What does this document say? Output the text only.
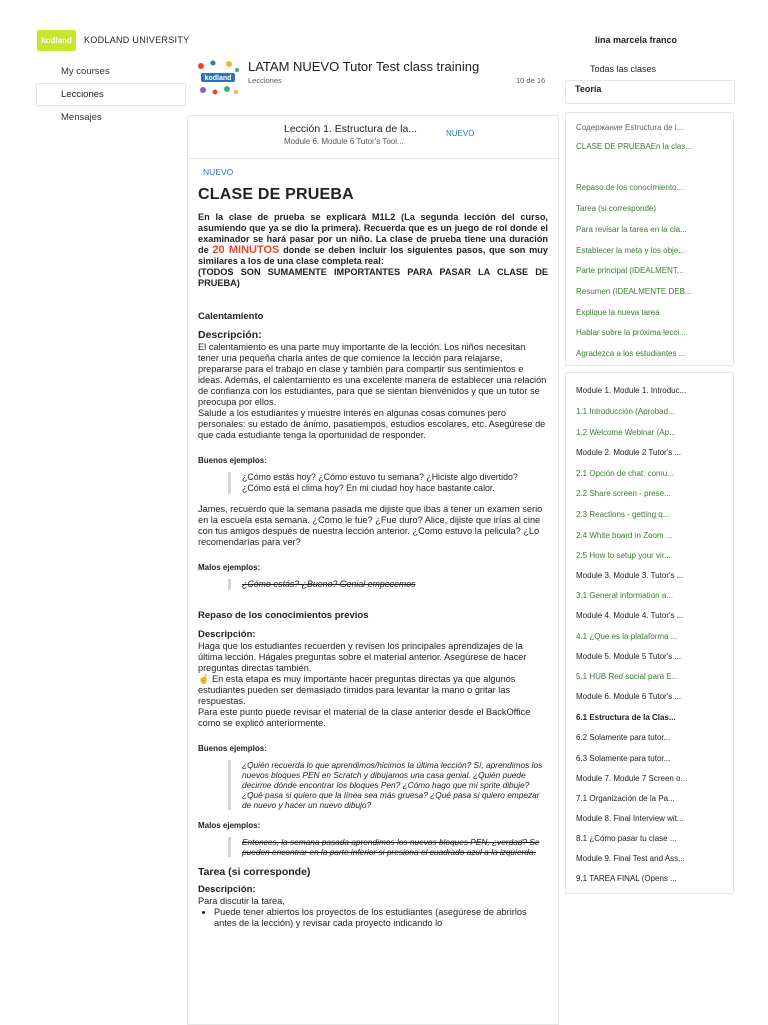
kodland	KODLAND UNIVERSITY	lina marcela franco
My courses
Lecciones
Mensajes
kodland
LATAM NUEVO Tutor Test class training
Lecciones	10 de 16
Todas las clases
Teoría
Lección 1. Estructura de la...
Module 6. Module 6 Tutor's Tool...
NUEVO
NUEVO
CLASE DE PRUEBA
En la clase de prueba se explicará M1L2 (La segunda lección del curso, asumiendo que ya se dio la primera). Recuerda que es un juego de rol donde el examinador se hará pasar por un niño. La clase de prueba tiene una duración de 20 MINUTOS donde se deben incluir los siguientes pasos, que son muy similares a los de una clase completa real:
(TODOS SON SUMAMENTE IMPORTANTES PARA PASAR LA CLASE DE PRUEBA)
Calentamiento
Descripción:

El calentamiento es una parte muy importante de la lección. Los niños necesitan tener una pequeña charla antes de que comience la lección para relajarse, prepararse para el trabajo en clase y también para compartir sus sentimientos e ideas. Además, el calentamiento es una excelente manera de establecer una relación de confianza con los estudiantes, para que se sientan bienvenidos y que un tutor se preocupa por ellos.

Salude a los estudiantes y muestre interés en algunas cosas comunes pero personales: su estado de ánimo, pasatiempos, estudios escolares, etc. Asegúrese de que cada estudiante tenga la oportunidad de responder.

Buenos ejemplos:
¿Cómo estás hoy? ¿Cómo estuvo tu semana? ¿Hiciste algo divertido? ¿Cómo está el clima hoy? En mi ciudad hoy hace bastante calor.

James, recuerdo que la semana pasada me dijiste que ibas a tener un examen serio en la escuela esta semana. ¿Como le fue? ¿Fue duro? Alice, dijiste que irías al cine con tus amigos después de nuestra lección anterior. ¿Como estuvo la pelicula? ¿Lo recomendarías para ver?

Malos ejemplos:
¿Cómo estás? ¿Bueno? Genial empecemos
Repaso de los conocimientos previos
Descripción:

Haga que los estudiantes recuerden y revisen los principales aprendizajes de la última lección. Hágales preguntas sobre el material anterior. Asegúrese de hacer preguntas directas también.

☝ En esta etapa es muy importante hacer preguntas directas ya que algunos estudiantes pueden ser demasiado tímidos para levantar la mano o gritar las respuestas.

Para este punto puede revisar el material de la clase anterior desde el BackOffice como se explicó anteriormente.

Buenos ejemplos:
¿Quién recuerda lo que aprendimos/hicimos la última lección? Sí, aprendimos los nuevos bloques PEN en Scratch y dibujamos una casa genial. ¿Quién puede decirme dónde encontrar los bloques Pen? ¿Cómo hago que mi sprite dibuje? ¿Qué pasa si quiero que la línea sea más gruesa? ¿Qué pasa si quiero empezar de nuevo y hacer un nuevo dibujo?
Malos ejemplos:
Entonces, la semana pasada aprendimos los nuevos bloques PEN, ¿verdad? Se pueden encontrar en la parte inferior si presiona el cuadrado azul a la izquierda.
Tarea (si corresponde)
Descripción:

Para discutir la tarea,

• Puede tener abiertos los proyectos de los estudiantes (asegúrese de abrirlos antes de la lección) y revisar cada proyecto indicando lo
Содержание Estructura de l...
CLASE DE PRUEBAEn la clas...
Repaso de los conocimiento...
Tarea (si corresponde)
Para revisar la tarea en la cla...
Establecer la meta y los obje...
Parte principal (IDEALMENT...
Resumen (IDEALMENTE DEB...
Explique la nueva tarea
Hablar sobre la próxima lecci...
Agradezca a los estudiantes ...
Module 1. Module 1. Introduc...
1.1 Introducción (Aprobad...
1.2 Welcome Webinar (Ap...
Module 2. Module 2 Tutor's ...
2.1 Opción de chat: comu...
2.2 Share screen - prese...
2.3 Reactions - getting q...
2.4 White board in Zoom ...
2.5 How to setup your vir...
Module 3. Module 3. Tutor's ...
3.1 General information a...
Module 4. Module 4. Tutor's ...
4.1 ¿Que es la plataforma ...
Module 5. Module 5 Tutor's ...
5.1 HUB Red social para E...
Module 6. Module 6 Tutor's ...
6.1 Estructura de la Clas...
6.2 Solamente para tutor...
6.3 Solamente para tutor...
Module 7. Module 7 Screen o...
7.1 Organización de la Pa...
Module 8. Final Interview wit...
8.1 ¿Cómo pasar tu clase ...
Module 9. Final Test and Ass...
9.1 TAREA FINAL (Opens ...
